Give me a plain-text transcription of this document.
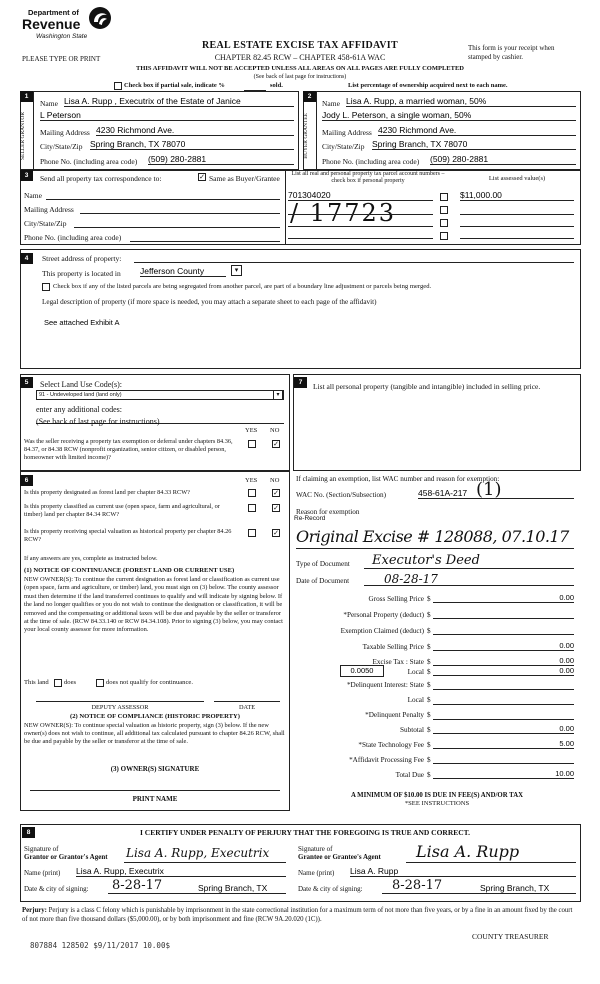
Department of
Revenue
Washington State
REAL ESTATE EXCISE TAX AFFIDAVIT
CHAPTER 82.45 RCW – CHAPTER 458-61A WAC
PLEASE TYPE OR PRINT
This form is your receipt when stamped by cashier.
THIS AFFIDAVIT WILL NOT BE ACCEPTED UNLESS ALL AREAS ON ALL PAGES ARE FULLY COMPLETED
(See back of last page for instructions)
Check box if partial sale, indicate %	sold.	List percentage of ownership acquired next to each name.
1
SELLER GRANTOR
Name Lisa A. Rupp , Executrix of the Estate of Janice
L Peterson
Mailing Address 4230 Richmond Ave.
City/State/Zip Spring Branch, TX 78070
Phone No. (including area code) (509) 280-2881
2
BUYER GRANTEE
Name Lisa A. Rupp, a married woman, 50%
Jody L. Peterson, a single woman, 50%
Mailing Address 4230 Richmond Ave.
City/State/Zip Spring Branch, TX 78070
Phone No. (including area code) (509) 280-2881
3	Send all property tax correspondence to:	✓ Same as Buyer/Grantee
Name
Mailing Address
City/State/Zip
Phone No. (including area code)
List all real and personal property tax parcel account numbers – check box if personal property	List assessed value(s)
701304020
/ 17723
$11,000.00
4	Street address of property:
This property is located in Jefferson County	▾
Check box if any of the listed parcels are being segregated from another parcel, are part of a boundary line adjustment or parcels being merged.
Legal description of property (if more space is needed, you may attach a separate sheet to each page of the affidavit)
See attached Exhibit A
5	Select Land Use Code(s):
91 - Undeveloped land (land only)	▾
enter any additional codes:
(See back of last page for instructions)
YES NO
Was the seller receiving a property tax exemption or deferral under chapters 84.36, 84.37, or 84.38 RCW (nonprofit organization, senior citizen, or disabled person, homeowner with limited income)?
✓
7	List all personal property (tangible and intangible) included in selling price.
6	YES NO
Is this property designated as forest land per chapter 84.33 RCW?	✓
Is this property classified as current use (open space, farm and agricultural, or timber) land per chapter 84.34 RCW?
✓
Is this property receiving special valuation as historical property per chapter 84.26 RCW?
✓
If any answers are yes, complete as instructed below.
(1) NOTICE OF CONTINUANCE (FOREST LAND OR CURRENT USE)
NEW OWNER(S): To continue the current designation as forest land or classification as current use (open space, farm and agriculture, or timber) land, you must sign on (3) below. The county assessor must then determine if the land transferred continues to qualify and will indicate by signing below. If the land no longer qualifies or you do not wish to continue the designation or classification, it will be removed and the compensating or additional taxes will be due and payable by the seller or transferor at the time of sale. (RCW 84.33.140 or RCW 84.34.108). Prior to signing (3) below, you may contact your local county assessor for more information.
This land does	does not qualify for continuance.
DEPUTY ASSESSOR	DATE
(2) NOTICE OF COMPLIANCE (HISTORIC PROPERTY)
NEW OWNER(S): To continue special valuation as historic property, sign (3) below. If the new owner(s) does not wish to continue, all additional tax calculated pursuant to chapter 84.26 RCW, shall be due and payable by the seller or transferor at the time of sale.
(3) OWNER(S) SIGNATURE
PRINT NAME
If claiming an exemption, list WAC number and reason for exemption:
WAC No. (Section/Subsection)	458-61A-217 (1)
Reason for exemption
Re-Record
Original Excise # 128088, 07.10.17
Type of Document Executor's Deed
Date of Document	08-28-17
Gross Selling Price $	0.00
*Personal Property (deduct) $
Exemption Claimed (deduct) $
Taxable Selling Price $	0.00
Excise Tax : State $	0.00
0.0050	Local $	0.00
*Delinquent Interest: State $
Local $
*Delinquent Penalty $
Subtotal $	0.00
*State Technology Fee $	5.00
*Affidavit Processing Fee $
Total Due $	10.00
A MINIMUM OF $10.00 IS DUE IN FEE(S) AND/OR TAX
*SEE INSTRUCTIONS
8	I CERTIFY UNDER PENALTY OF PERJURY THAT THE FOREGOING IS TRUE AND CORRECT.
Signature of
Grantor or Grantor's Agent Lisa A. Rupp, Executrix
Name (print) Lisa A. Rupp, Executrix
Date & city of signing: 8-28-17	Spring Branch, TX
Signature of
Grantee or Grantee's Agent Lisa A. Rupp
Name (print) Lisa A. Rupp
Date & city of signing: 8-28-17	Spring Branch, TX
Perjury: Perjury is a class C felony which is punishable by imprisonment in the state correctional institution for a maximum term of not more than five years, or by a fine in an amount fixed by the court of not more than five thousand dollars ($5,000.00), or by both imprisonment and fine (RCW 9A.20.020 (1C)).
COUNTY TREASURER
807884 128502 $9/11/2017 10.00$
